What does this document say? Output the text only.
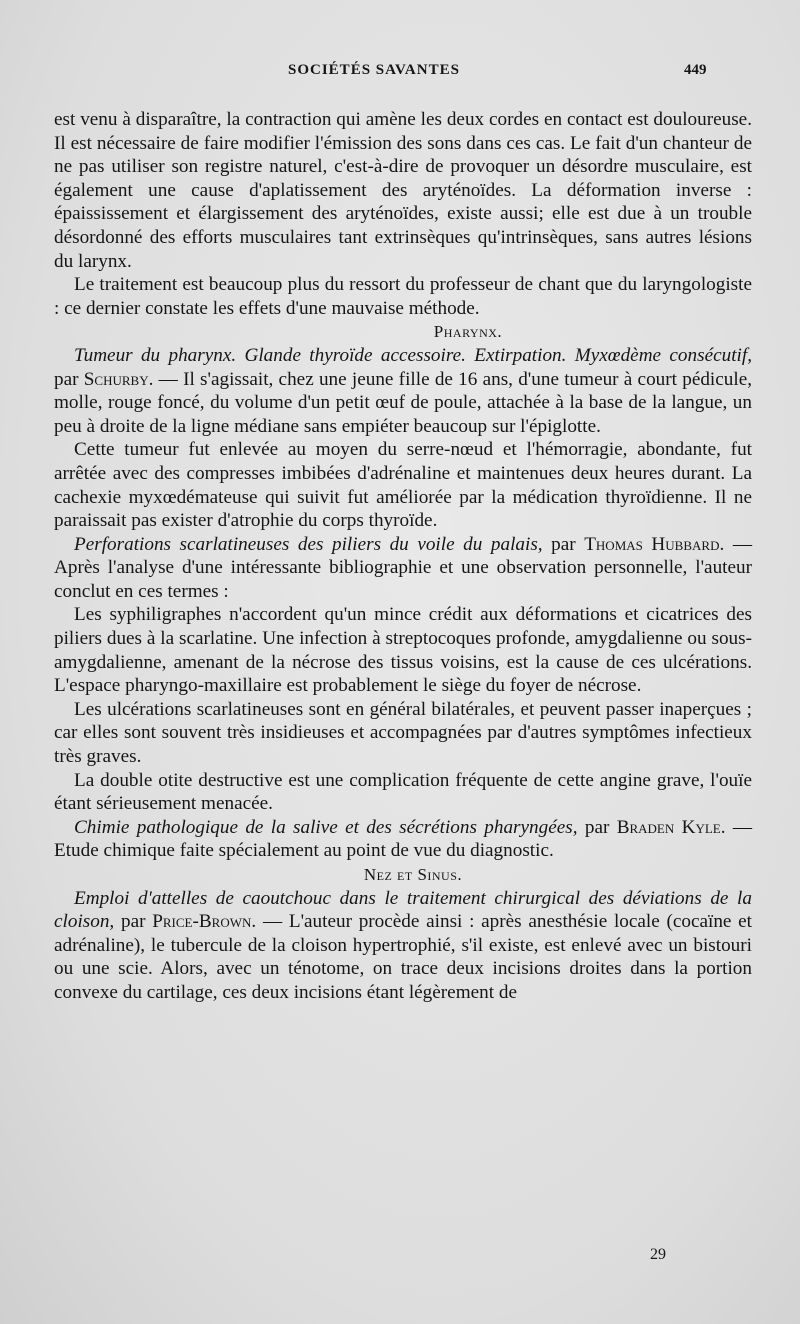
SOCIÉTÉS SAVANTES	449

est venu à disparaître, la contraction qui amène les deux cordes en contact est douloureuse. Il est nécessaire de faire modifier l'émission des sons dans ces cas. Le fait d'un chanteur de ne pas utiliser son registre naturel, c'est-à-dire de provoquer un désordre musculaire, est également une cause d'aplatissement des aryténoïdes. La déformation inverse : épaississement et élargissement des aryténoïdes, existe aussi; elle est due à un trouble désordonné des efforts musculaires tant extrinsèques qu'intrinsèques, sans autres lésions du larynx.

Le traitement est beaucoup plus du ressort du professeur de chant que du laryngologiste : ce dernier constate les effets d'une mauvaise méthode.

Pharynx.

Tumeur du pharynx. Glande thyroïde accessoire. Extirpation. Myxœdème consécutif, par Schurby. — Il s'agissait, chez une jeune fille de 16 ans, d'une tumeur à court pédicule, molle, rouge foncé, du volume d'un petit œuf de poule, attachée à la base de la langue, un peu à droite de la ligne médiane sans empiéter beaucoup sur l'épiglotte.

Cette tumeur fut enlevée au moyen du serre-nœud et l'hémorragie, abondante, fut arrêtée avec des compresses imbibées d'adrénaline et maintenues deux heures durant. La cachexie myxœdémateuse qui suivit fut améliorée par la médication thyroïdienne. Il ne paraissait pas exister d'atrophie du corps thyroïde.

Perforations scarlatineuses des piliers du voile du palais, par Thomas Hubbard. — Après l'analyse d'une intéressante bibliographie et une observation personnelle, l'auteur conclut en ces termes :

Les syphiligraphes n'accordent qu'un mince crédit aux déformations et cicatrices des piliers dues à la scarlatine. Une infection à streptocoques profonde, amygdalienne ou sous-amygdalienne, amenant de la nécrose des tissus voisins, est la cause de ces ulcérations. L'espace pharyngo-maxillaire est probablement le siège du foyer de nécrose.

Les ulcérations scarlatineuses sont en général bilatérales, et peuvent passer inaperçues ; car elles sont souvent très insidieuses et accompagnées par d'autres symptômes infectieux très graves.

La double otite destructive est une complication fréquente de cette angine grave, l'ouïe étant sérieusement menacée.

Chimie pathologique de la salive et des sécrétions pharyngées, par Braden Kyle. — Etude chimique faite spécialement au point de vue du diagnostic.

Nez et Sinus.

Emploi d'attelles de caoutchouc dans le traitement chirurgical des déviations de la cloison, par Price-Brown. — L'auteur procède ainsi : après anesthésie locale (cocaïne et adrénaline), le tubercule de la cloison hypertrophié, s'il existe, est enlevé avec un bistouri ou une scie. Alors, avec un ténotome, on trace deux incisions droites dans la portion convexe du cartilage, ces deux incisions étant légèrement de

29
